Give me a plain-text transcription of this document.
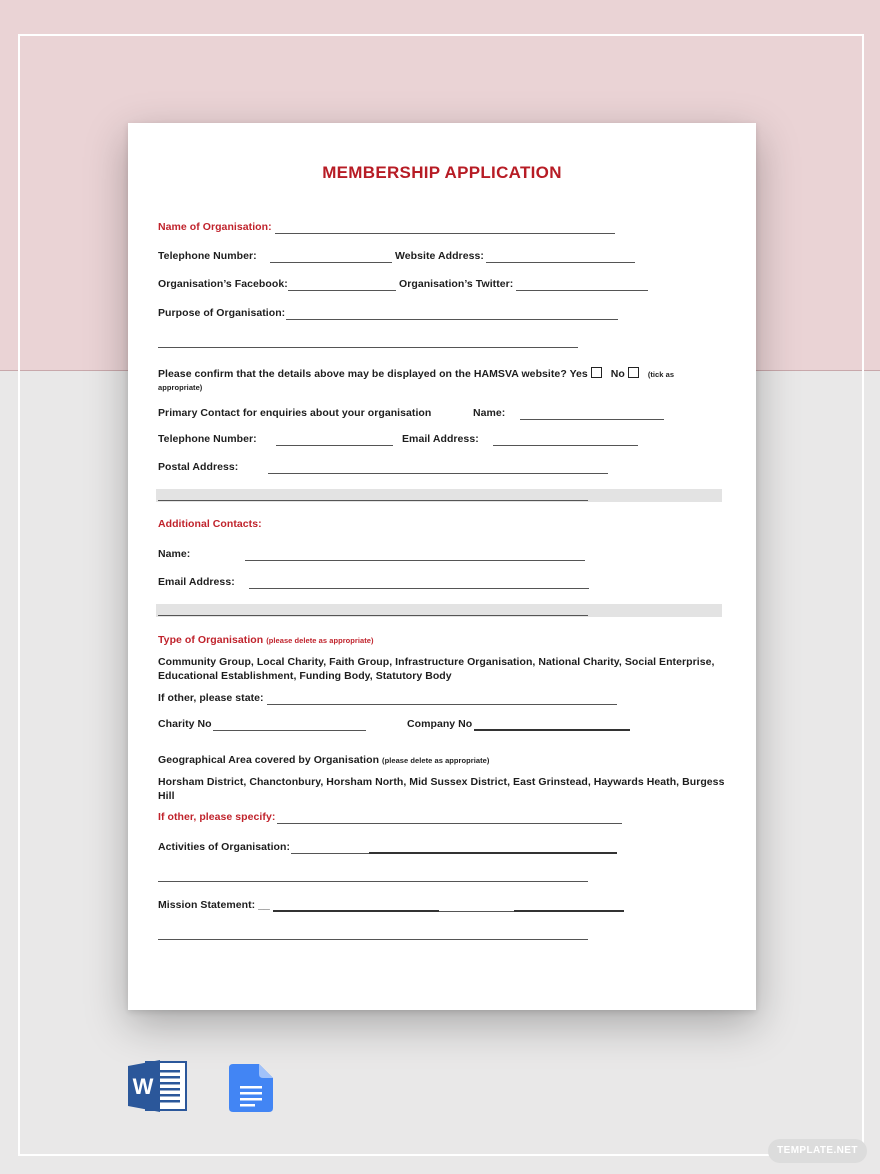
MEMBERSHIP APPLICATION
Name of Organisation:
Telephone Number:	Website Address:
Organisation’s Facebook:	Organisation’s Twitter:
Purpose of Organisation:
Please confirm that the details above may be displayed on the HAMSVA website? Yes No	(tick as
appropriate)
Primary Contact for enquiries about your organisation	Name:
Telephone Number:	Email Address:
Postal Address:
Additional Contacts:
Name:
Email Address:
Type of Organisation (please delete as appropriate)
Community Group, Local Charity, Faith Group, Infrastructure Organisation, National Charity, Social Enterprise, Educational Establishment, Funding Body, Statutory Body
If other, please state:
Charity No	Company No
Geographical Area covered by Organisation (please delete as appropriate)
Horsham District, Chanctonbury, Horsham North, Mid Sussex District, East Grinstead, Haywards Heath, Burgess Hill
If other, please specify:
Activities of Organisation:
Mission Statement: __
W
TEMPLATE.NET
